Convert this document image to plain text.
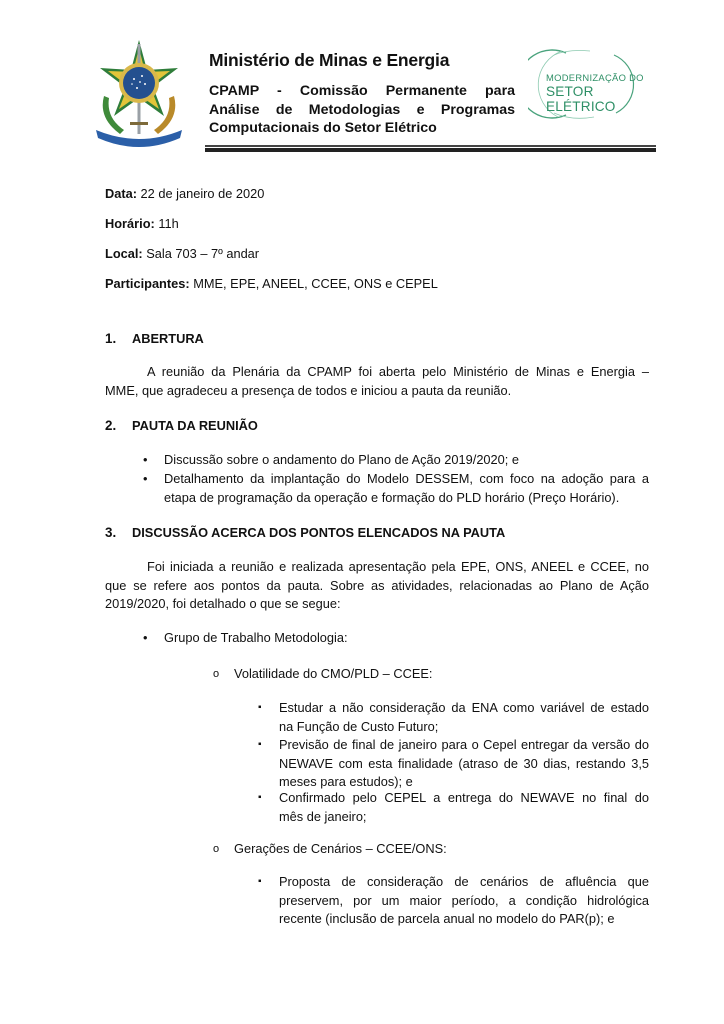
Ministério de Minas e Energia
CPAMP - Comissão Permanente para
Análise de Metodologias e Programas
Computacionais do Setor Elétrico
MODERNIZAÇÃO DO
SETOR ELÉTRICO
Data: 22 de janeiro de 2020
Horário: 11h
Local: Sala 703 – 7º andar
Participantes: MME, EPE, ANEEL, CCEE, ONS e CEPEL
1. ABERTURA
A reunião da Plenária da CPAMP foi aberta pelo Ministério de Minas e Energia –
MME, que agradeceu a presença de todos e iniciou a pauta da reunião.
2. PAUTA DA REUNIÃO
• Discussão sobre o andamento do Plano de Ação 2019/2020; e
• Detalhamento da implantação do Modelo DESSEM, com foco na adoção para a
etapa de programação da operação e formação do PLD horário (Preço Horário).
3. DISCUSSÃO ACERCA DOS PONTOS ELENCADOS NA PAUTA
Foi iniciada a reunião e realizada apresentação pela EPE, ONS, ANEEL e CCEE, no
que se refere aos pontos da pauta. Sobre as atividades, relacionadas ao Plano de Ação
2019/2020, foi detalhado o que se segue:
• Grupo de Trabalho Metodologia:
o Volatilidade do CMO/PLD – CCEE:
▪ Estudar a não consideração da ENA como variável de estado
na Função de Custo Futuro;
▪ Previsão de final de janeiro para o Cepel entregar da versão do
NEWAVE com esta finalidade (atraso de 30 dias, restando 3,5
meses para estudos); e
▪ Confirmado pelo CEPEL a entrega do NEWAVE no final do
mês de janeiro;
o Gerações de Cenários – CCEE/ONS:
▪ Proposta de consideração de cenários de afluência que
preservem, por um maior período, a condição hidrológica
recente (inclusão de parcela anual no modelo do PAR(p); e
